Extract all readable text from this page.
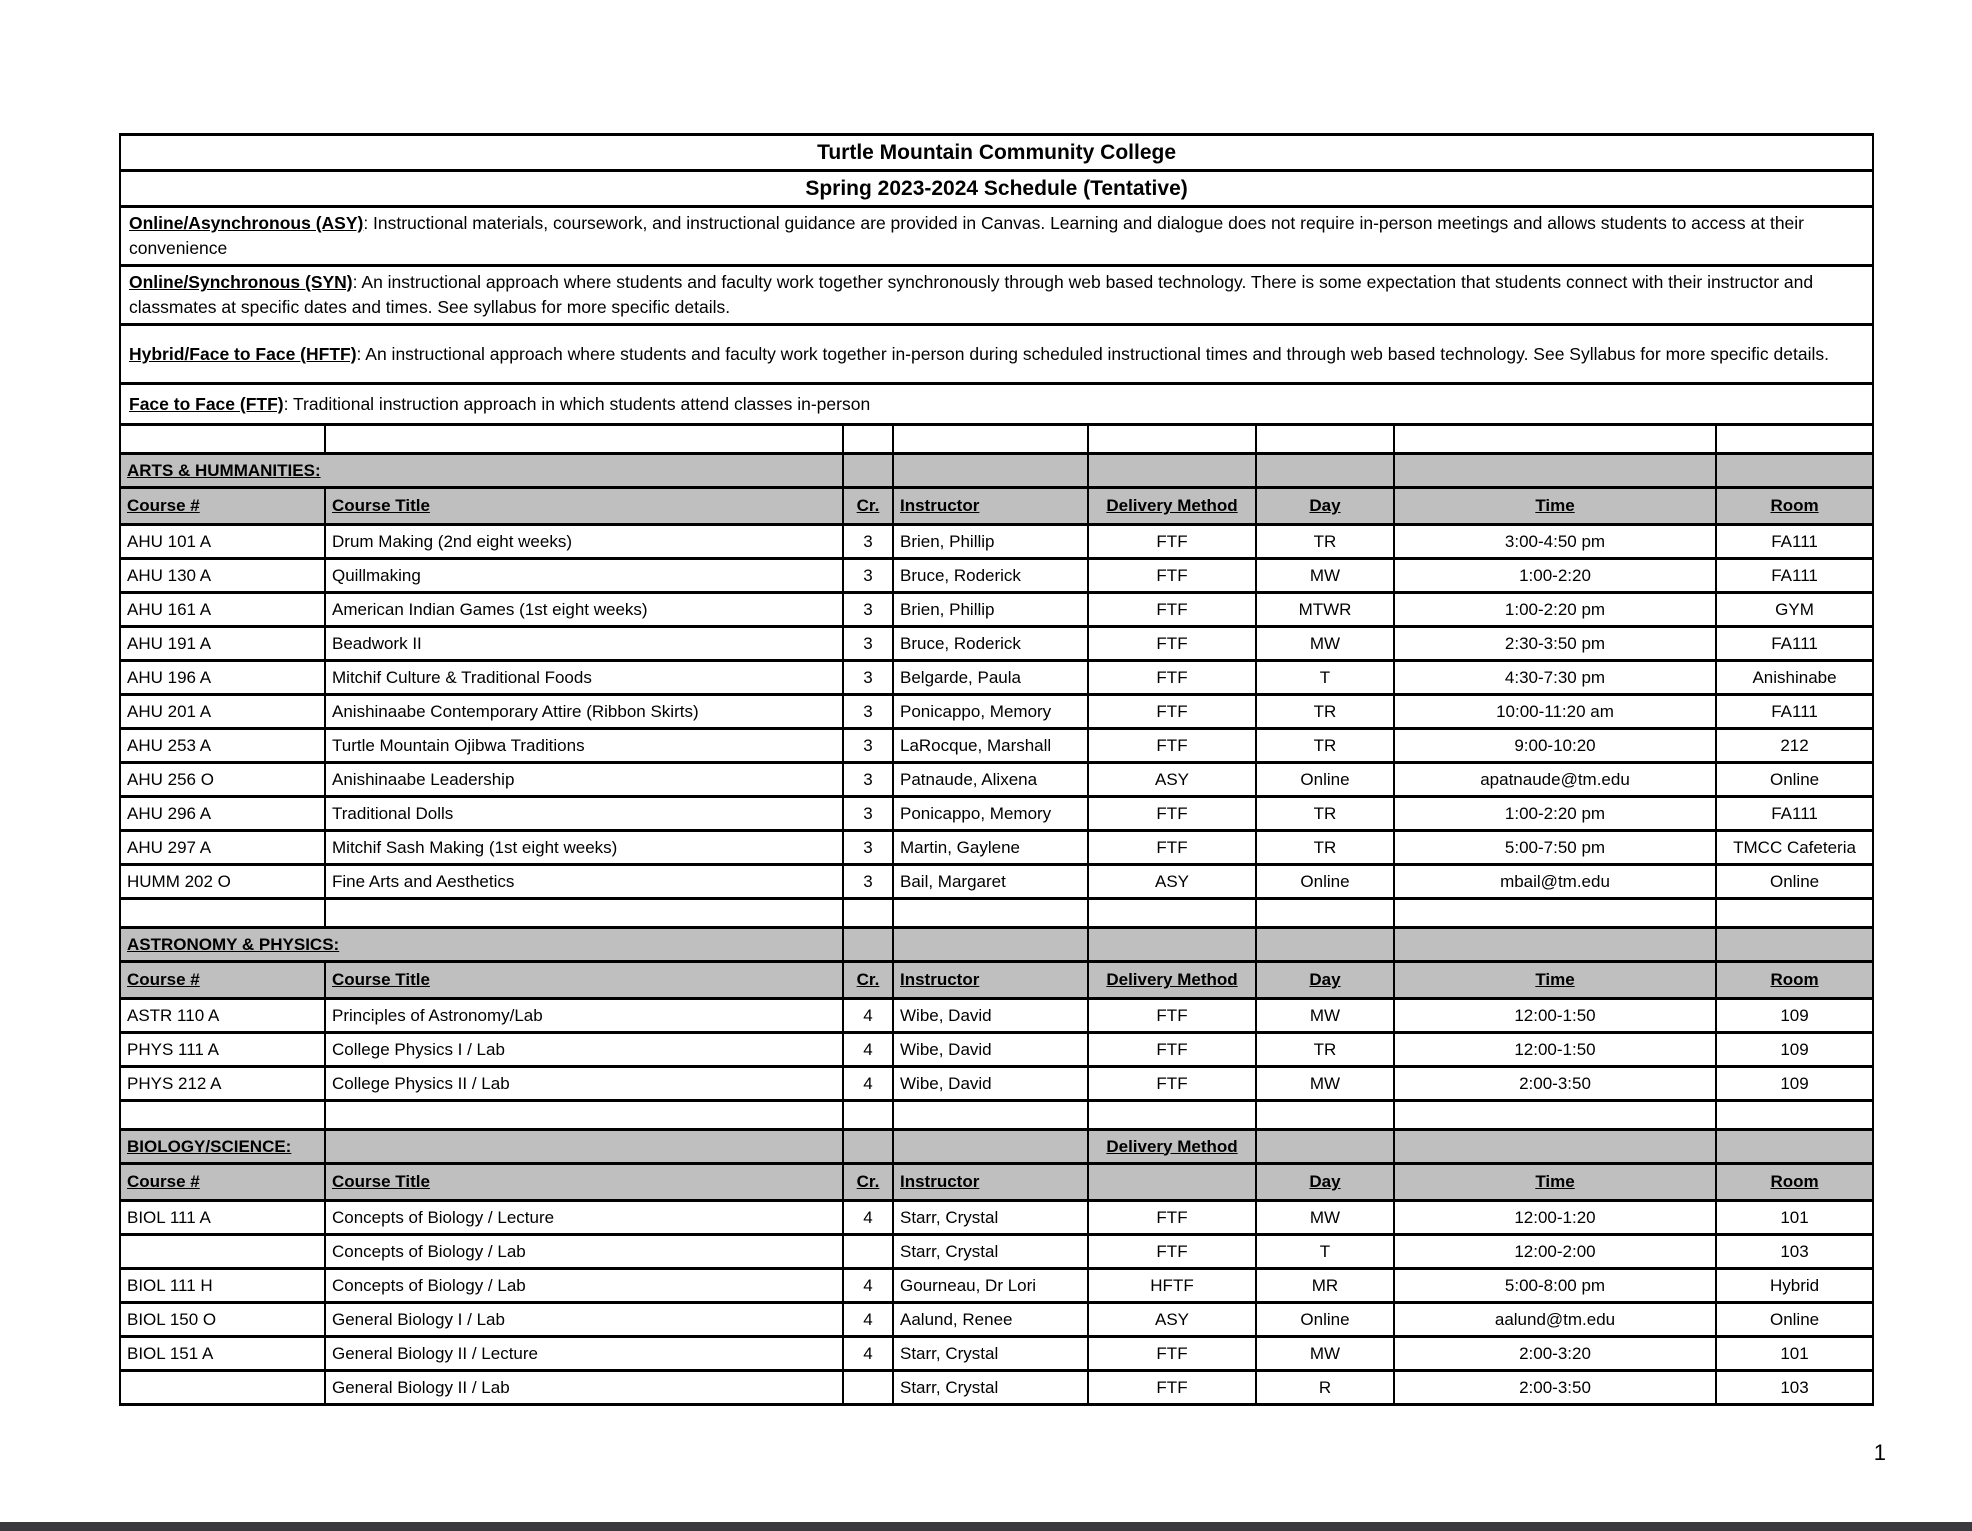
Turtle Mountain Community College							
Spring 2023-2024 Schedule (Tentative)							
Online/Asynchronous (ASY): Instructional materials, coursework, and instructional guidance are provided in Canvas. Learning and dialogue does not require in-person meetings and allows students to access at their convenience							
Online/Synchronous (SYN): An instructional approach where students and faculty work together synchronously through web based technology. There is some expectation that students connect with their instructor and classmates at specific dates and times. See syllabus for more specific details.							
Hybrid/Face to Face (HFTF): An instructional approach where students and faculty work together in-person during scheduled instructional times and through web based technology. See Syllabus for more specific details.							
Face to Face (FTF): Traditional instruction approach in which students attend classes in-person							

ARTS & HUMMANITIES:							
Course #	Course Title	Cr.	Instructor	Delivery Method	Day	Time	Room
AHU 101 A	Drum Making (2nd eight weeks)	3	Brien, Phillip	FTF	TR	3:00-4:50 pm	FA111
AHU 130 A	Quillmaking	3	Bruce, Roderick	FTF	MW	1:00-2:20	FA111
AHU 161 A	American Indian Games (1st eight weeks)	3	Brien, Phillip	FTF	MTWR	1:00-2:20 pm	GYM
AHU 191 A	Beadwork II	3	Bruce, Roderick	FTF	MW	2:30-3:50 pm	FA111
AHU 196 A	Mitchif Culture & Traditional Foods	3	Belgarde, Paula	FTF	T	4:30-7:30 pm	Anishinabe
AHU 201 A	Anishinaabe Contemporary Attire (Ribbon Skirts)	3	Ponicappo, Memory	FTF	TR	10:00-11:20 am	FA111
AHU 253 A	Turtle Mountain Ojibwa Traditions	3	LaRocque, Marshall	FTF	TR	9:00-10:20	212
AHU 256 O	Anishinaabe Leadership	3	Patnaude, Alixena	ASY	Online	apatnaude@tm.edu	Online
AHU 296 A	Traditional Dolls	3	Ponicappo, Memory	FTF	TR	1:00-2:20 pm	FA111
AHU 297 A	Mitchif Sash Making (1st eight weeks)	3	Martin, Gaylene	FTF	TR	5:00-7:50 pm	TMCC Cafeteria
HUMM 202 O	Fine Arts and Aesthetics	3	Bail, Margaret	ASY	Online	mbail@tm.edu	Online

ASTRONOMY & PHYSICS:							
Course #	Course Title	Cr.	Instructor	Delivery Method	Day	Time	Room
ASTR 110 A	Principles of Astronomy/Lab	4	Wibe, David	FTF	MW	12:00-1:50	109
PHYS 111 A	College Physics I / Lab	4	Wibe, David	FTF	TR	12:00-1:50	109
PHYS 212 A	College Physics II / Lab	4	Wibe, David	FTF	MW	2:00-3:50	109

BIOLOGY/SCIENCE:				Delivery Method			
Course #	Course Title	Cr.	Instructor		Day	Time	Room
BIOL 111 A	Concepts of Biology / Lecture	4	Starr, Crystal	FTF	MW	12:00-1:20	101
	Concepts of Biology / Lab		Starr, Crystal	FTF	T	12:00-2:00	103
BIOL 111 H	Concepts of Biology / Lab	4	Gourneau, Dr Lori	HFTF	MR	5:00-8:00 pm	Hybrid
BIOL 150 O	General Biology I / Lab	4	Aalund, Renee	ASY	Online	aalund@tm.edu	Online
BIOL 151 A	General Biology II / Lecture	4	Starr, Crystal	FTF	MW	2:00-3:20	101
	General Biology II / Lab		Starr, Crystal	FTF	R	2:00-3:50	103
1
